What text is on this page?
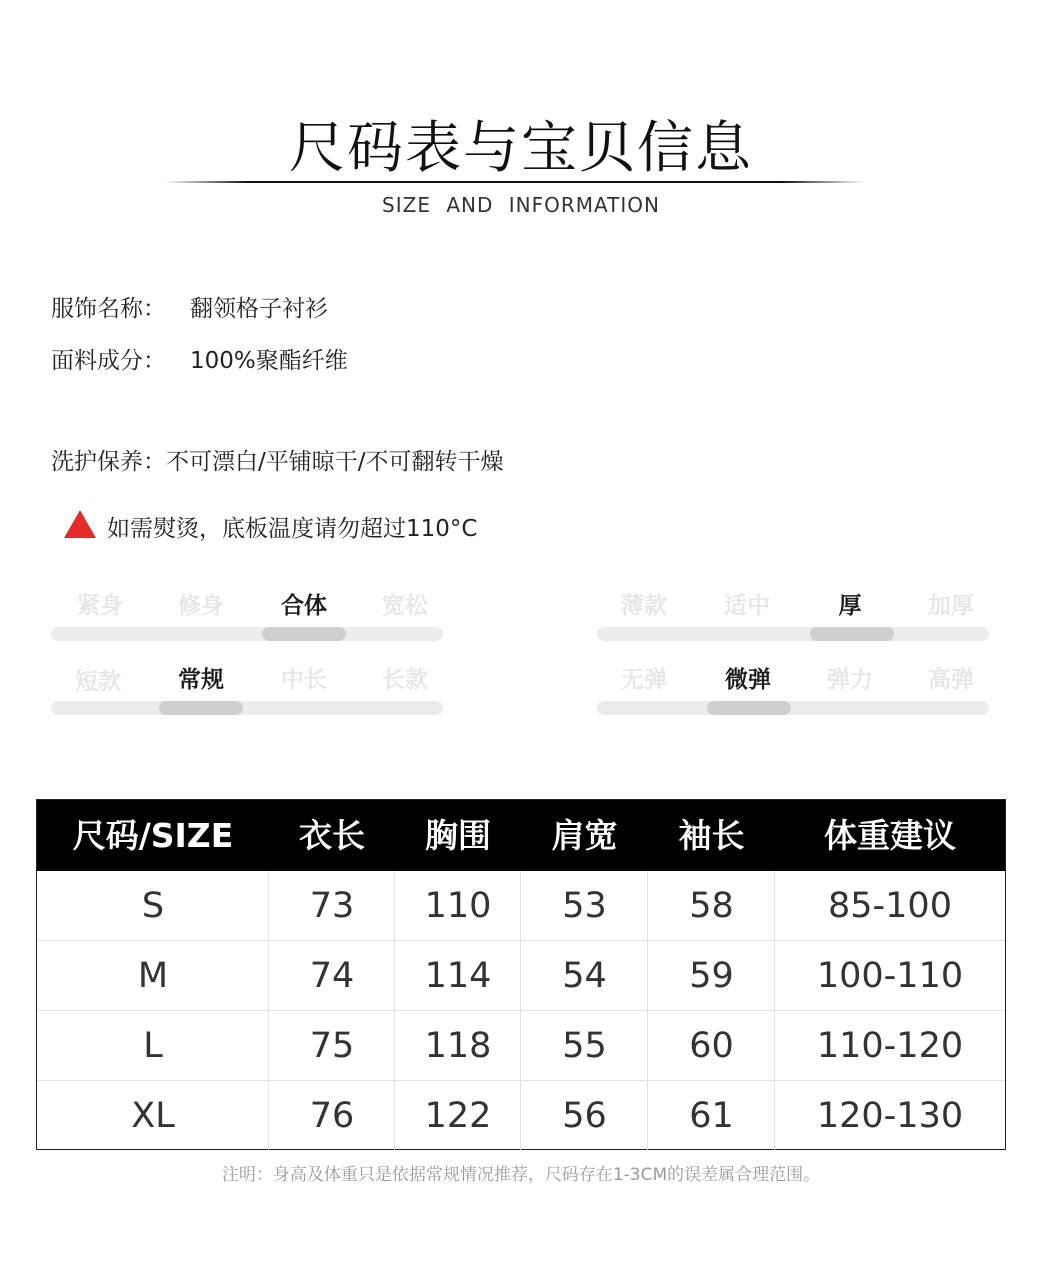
尺码表与宝贝信息
SIZE AND INFORMATION
服饰名称： 翻领格子衬衫
面料成分： 100%聚酯纤维
洗护保养：不可漂白/平铺晾干/不可翻转干燥
如需熨烫，底板温度请勿超过110°C
紧身	修身	合体	宽松
短款	常规	中长	长款
薄款	适中	厚	加厚
无弹	微弹	弹力	高弹
尺码/SIZE	衣长	胸围	肩宽	袖长	体重建议
S	73	110	53	58	85-100
M	74	114	54	59	100-110
L	75	118	55	60	110-120
XL	76	122	56	61	120-130
注明：身高及体重只是依据常规情况推荐，尺码存在1-3CM的误差属合理范围。
